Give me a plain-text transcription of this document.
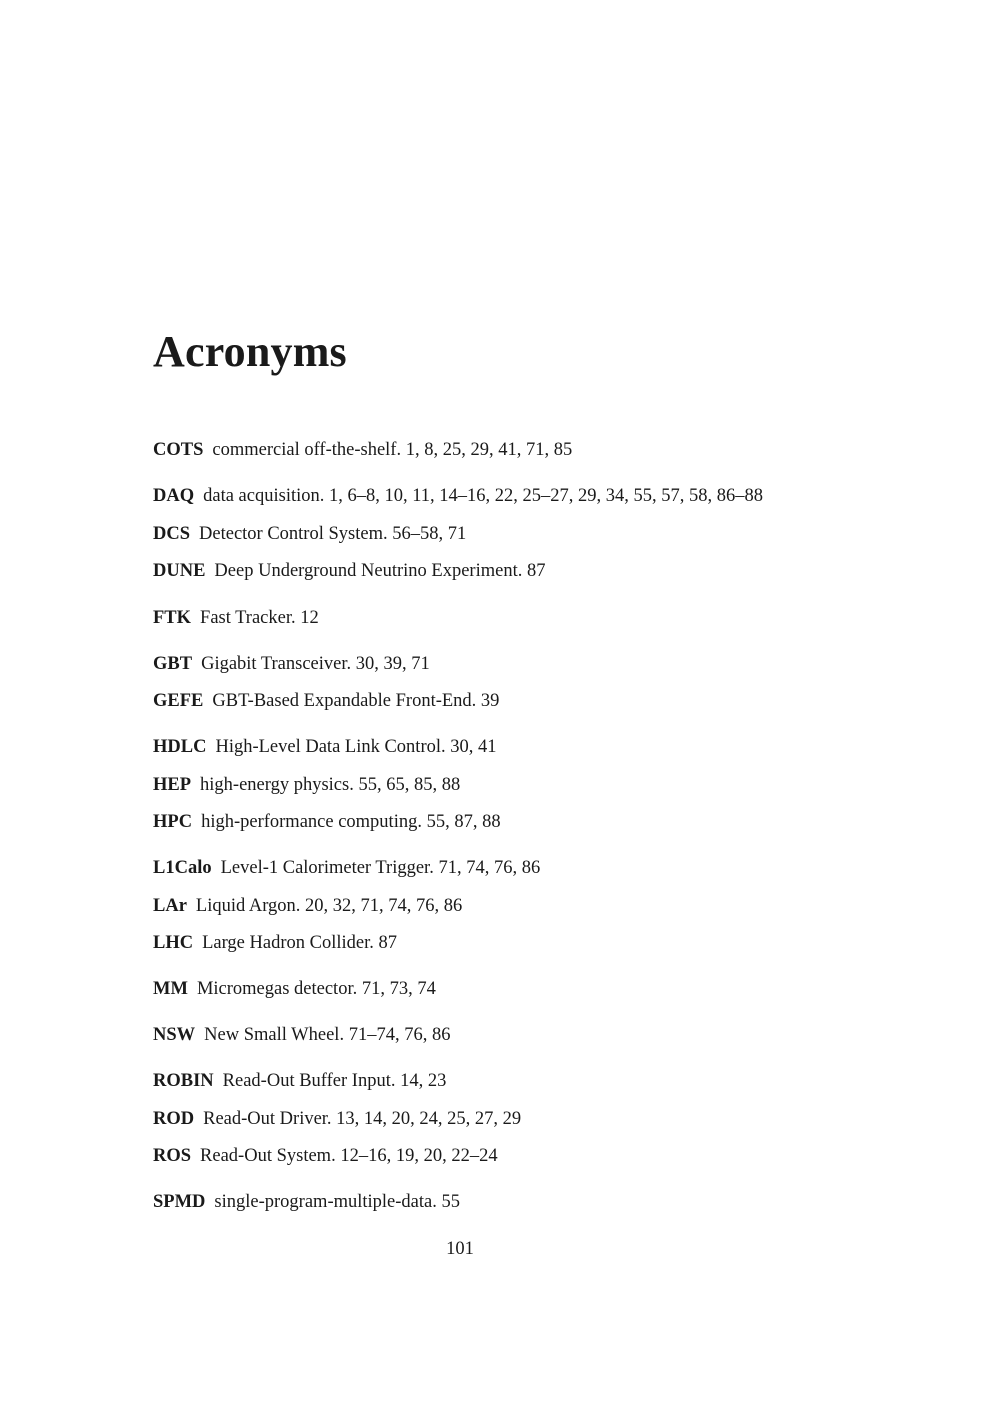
Acronyms
COTS commercial off-the-shelf. 1, 8, 25, 29, 41, 71, 85
DAQ data acquisition. 1, 6–8, 10, 11, 14–16, 22, 25–27, 29, 34, 55, 57, 58, 86–88
DCS Detector Control System. 56–58, 71
DUNE Deep Underground Neutrino Experiment. 87
FTK Fast Tracker. 12
GBT Gigabit Transceiver. 30, 39, 71
GEFE GBT-Based Expandable Front-End. 39
HDLC High-Level Data Link Control. 30, 41
HEP high-energy physics. 55, 65, 85, 88
HPC high-performance computing. 55, 87, 88
L1Calo Level-1 Calorimeter Trigger. 71, 74, 76, 86
LAr Liquid Argon. 20, 32, 71, 74, 76, 86
LHC Large Hadron Collider. 87
MM Micromegas detector. 71, 73, 74
NSW New Small Wheel. 71–74, 76, 86
ROBIN Read-Out Buffer Input. 14, 23
ROD Read-Out Driver. 13, 14, 20, 24, 25, 27, 29
ROS Read-Out System. 12–16, 19, 20, 22–24
SPMD single-program-multiple-data. 55
101
